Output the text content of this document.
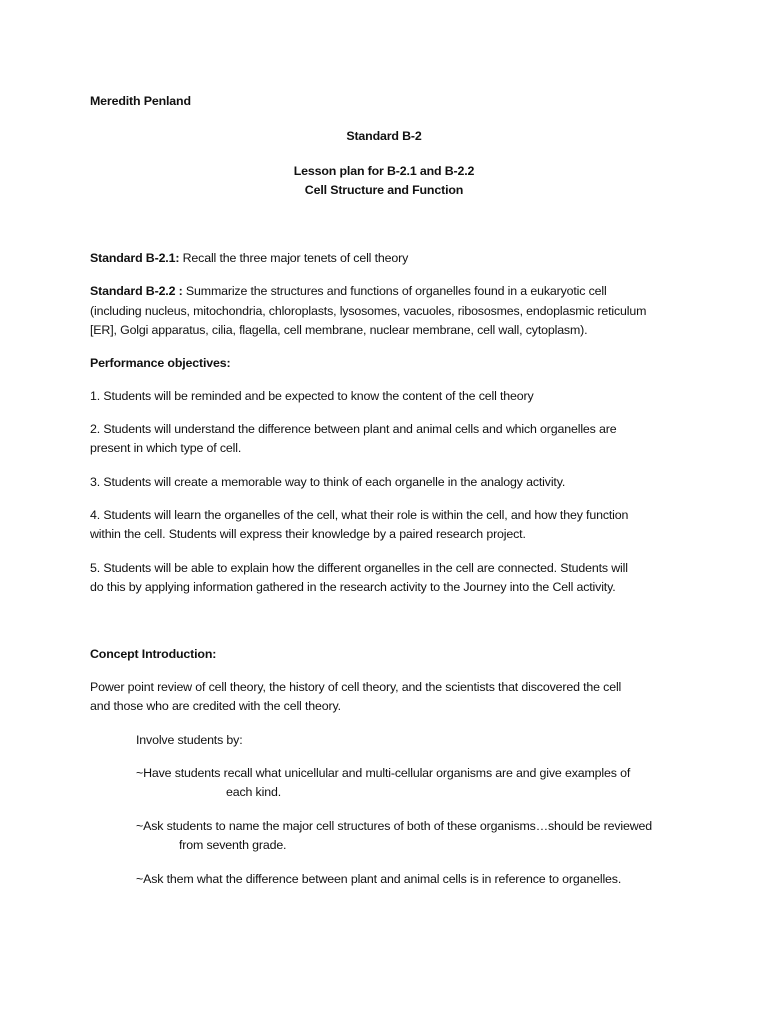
Meredith Penland
Standard B-2
Lesson plan for B-2.1 and B-2.2
Cell Structure and Function
Standard B-2.1: Recall the three major tenets of cell theory
Standard B-2.2 : Summarize the structures and functions of organelles found in a eukaryotic cell
(including nucleus, mitochondria, chloroplasts, lysosomes, vacuoles, ribososmes, endoplasmic reticulum
[ER], Golgi apparatus, cilia, flagella, cell membrane, nuclear membrane, cell wall, cytoplasm).
Performance objectives:
1. Students will be reminded and be expected to know the content of the cell theory
2. Students will understand the difference between plant and animal cells and which organelles are
present in which type of cell.
3. Students will create a memorable way to think of each organelle in the analogy activity.
4. Students will learn the organelles of the cell, what their role is within the cell, and how they function
within the cell. Students will express their knowledge by a paired research project.
5. Students will be able to explain how the different organelles in the cell are connected. Students will
do this by applying information gathered in the research activity to the Journey into the Cell activity.
Concept Introduction:
Power point review of cell theory, the history of cell theory, and the scientists that discovered the cell
and those who are credited with the cell theory.
Involve students by:
~Have students recall what unicellular and multi-cellular organisms are and give examples of
each kind.
~Ask students to name the major cell structures of both of these organisms…should be reviewed
from seventh grade.
~Ask them what the difference between plant and animal cells is in reference to organelles.
